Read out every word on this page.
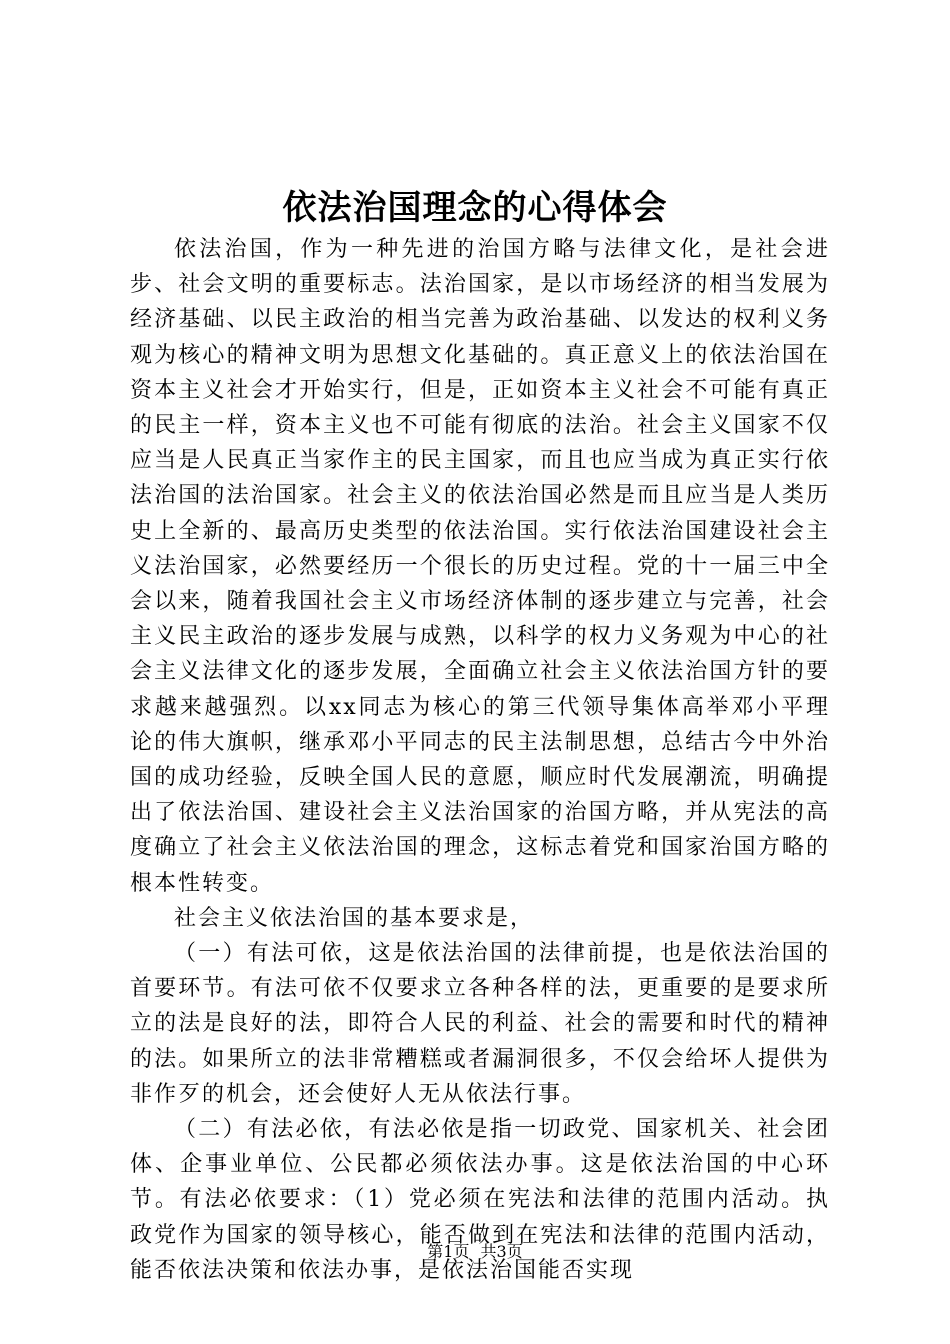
依法治国理念的心得体会

依法治国，作为一种先进的治国方略与法律文化，是社会进步、社会文明的重要标志。法治国家，是以市场经济的相当发展为经济基础、以民主政治的相当完善为政治基础、以发达的权利义务观为核心的精神文明为思想文化基础的。真正意义上的依法治国在资本主义社会才开始实行，但是，正如资本主义社会不可能有真正的民主一样，资本主义也不可能有彻底的法治。社会主义国家不仅应当是人民真正当家作主的民主国家，而且也应当成为真正实行依法治国的法治国家。社会主义的依法治国必然是而且应当是人类历史上全新的、最高历史类型的依法治国。实行依法治国建设社会主义法治国家，必然要经历一个很长的历史过程。党的十一届三中全会以来，随着我国社会主义市场经济体制的逐步建立与完善，社会主义民主政治的逐步发展与成熟，以科学的权力义务观为中心的社会主义法律文化的逐步发展，全面确立社会主义依法治国方针的要求越来越强烈。以xx同志为核心的第三代领导集体高举邓小平理论的伟大旗帜，继承邓小平同志的民主法制思想，总结古今中外治国的成功经验，反映全国人民的意愿，顺应时代发展潮流，明确提出了依法治国、建设社会主义法治国家的治国方略，并从宪法的高度确立了社会主义依法治国的理念，这标志着党和国家治国方略的根本性转变。

社会主义依法治国的基本要求是，

（一）有法可依，这是依法治国的法律前提，也是依法治国的首要环节。有法可依不仅要求立各种各样的法，更重要的是要求所立的法是良好的法，即符合人民的利益、社会的需要和时代的精神的法。如果所立的法非常糟糕或者漏洞很多，不仅会给坏人提供为非作歹的机会，还会使好人无从依法行事。

（二）有法必依，有法必依是指一切政党、国家机关、社会团体、企事业单位、公民都必须依法办事。这是依法治国的中心环节。有法必依要求：（1）党必须在宪法和法律的范围内活动。执政党作为国家的领导核心，能否做到在宪法和法律的范围内活动，能否依法决策和依法办事，是依法治国能否实现

第1页 共3页
